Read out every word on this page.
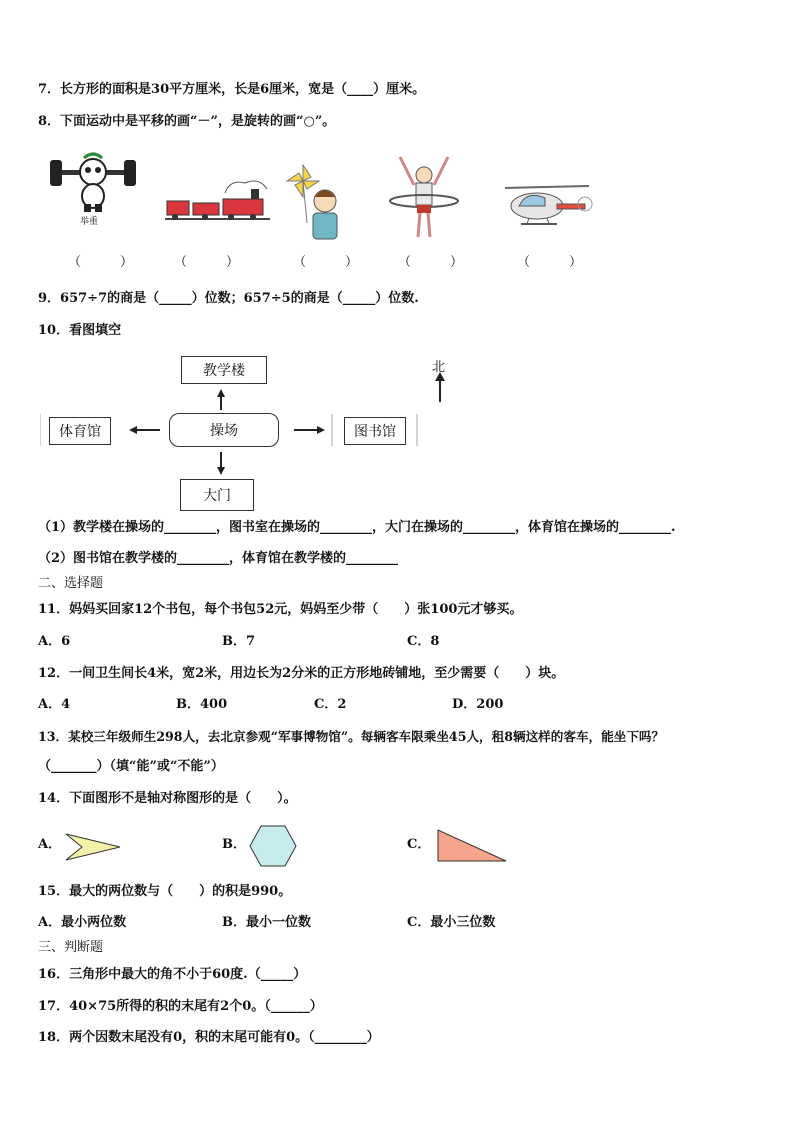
7．长方形的面积是30平方厘米，长是6厘米，宽是（____）厘米。
8．下面运动中是平移的画“－”，是旋转的画“○”。
举重
（　　　）	（　　　）	（　　　）	（　　　）	（　　　）
9．657÷7的商是（_____）位数；657÷5的商是（_____）位数.
10．看图填空
教学楼
体育馆	操场	图书馆
大门
北
（1）教学楼在操场的________，图书室在操场的________，大门在操场的________，体育馆在操场的________.
（2）图书馆在教学楼的________，体育馆在教学楼的________
二、选择题
11．妈妈买回家12个书包，每个书包52元，妈妈至少带（　　）张100元才够买。
A．6	B．7	C．8
12．一间卫生间长4米，宽2米，用边长为2分米的正方形地砖铺地，至少需要（　　）块。
A．4	B．400	C．2	D．200
13．某校三年级师生298人，去北京参观“军事博物馆”。每辆客车限乘坐45人，租8辆这样的客车，能坐下吗？
（_______）（填“能”或“不能”）
14．下面图形不是轴对称图形的是（　　）。
A．	B．	C．
15．最大的两位数与（　　）的积是990。
A．最小两位数	B．最小一位数	C．最小三位数
三、判断题
16．三角形中最大的角不小于60度.（_____）
17．40×75所得的积的末尾有2个0。（______）
18．两个因数末尾没有0，积的末尾可能有0。（________）
